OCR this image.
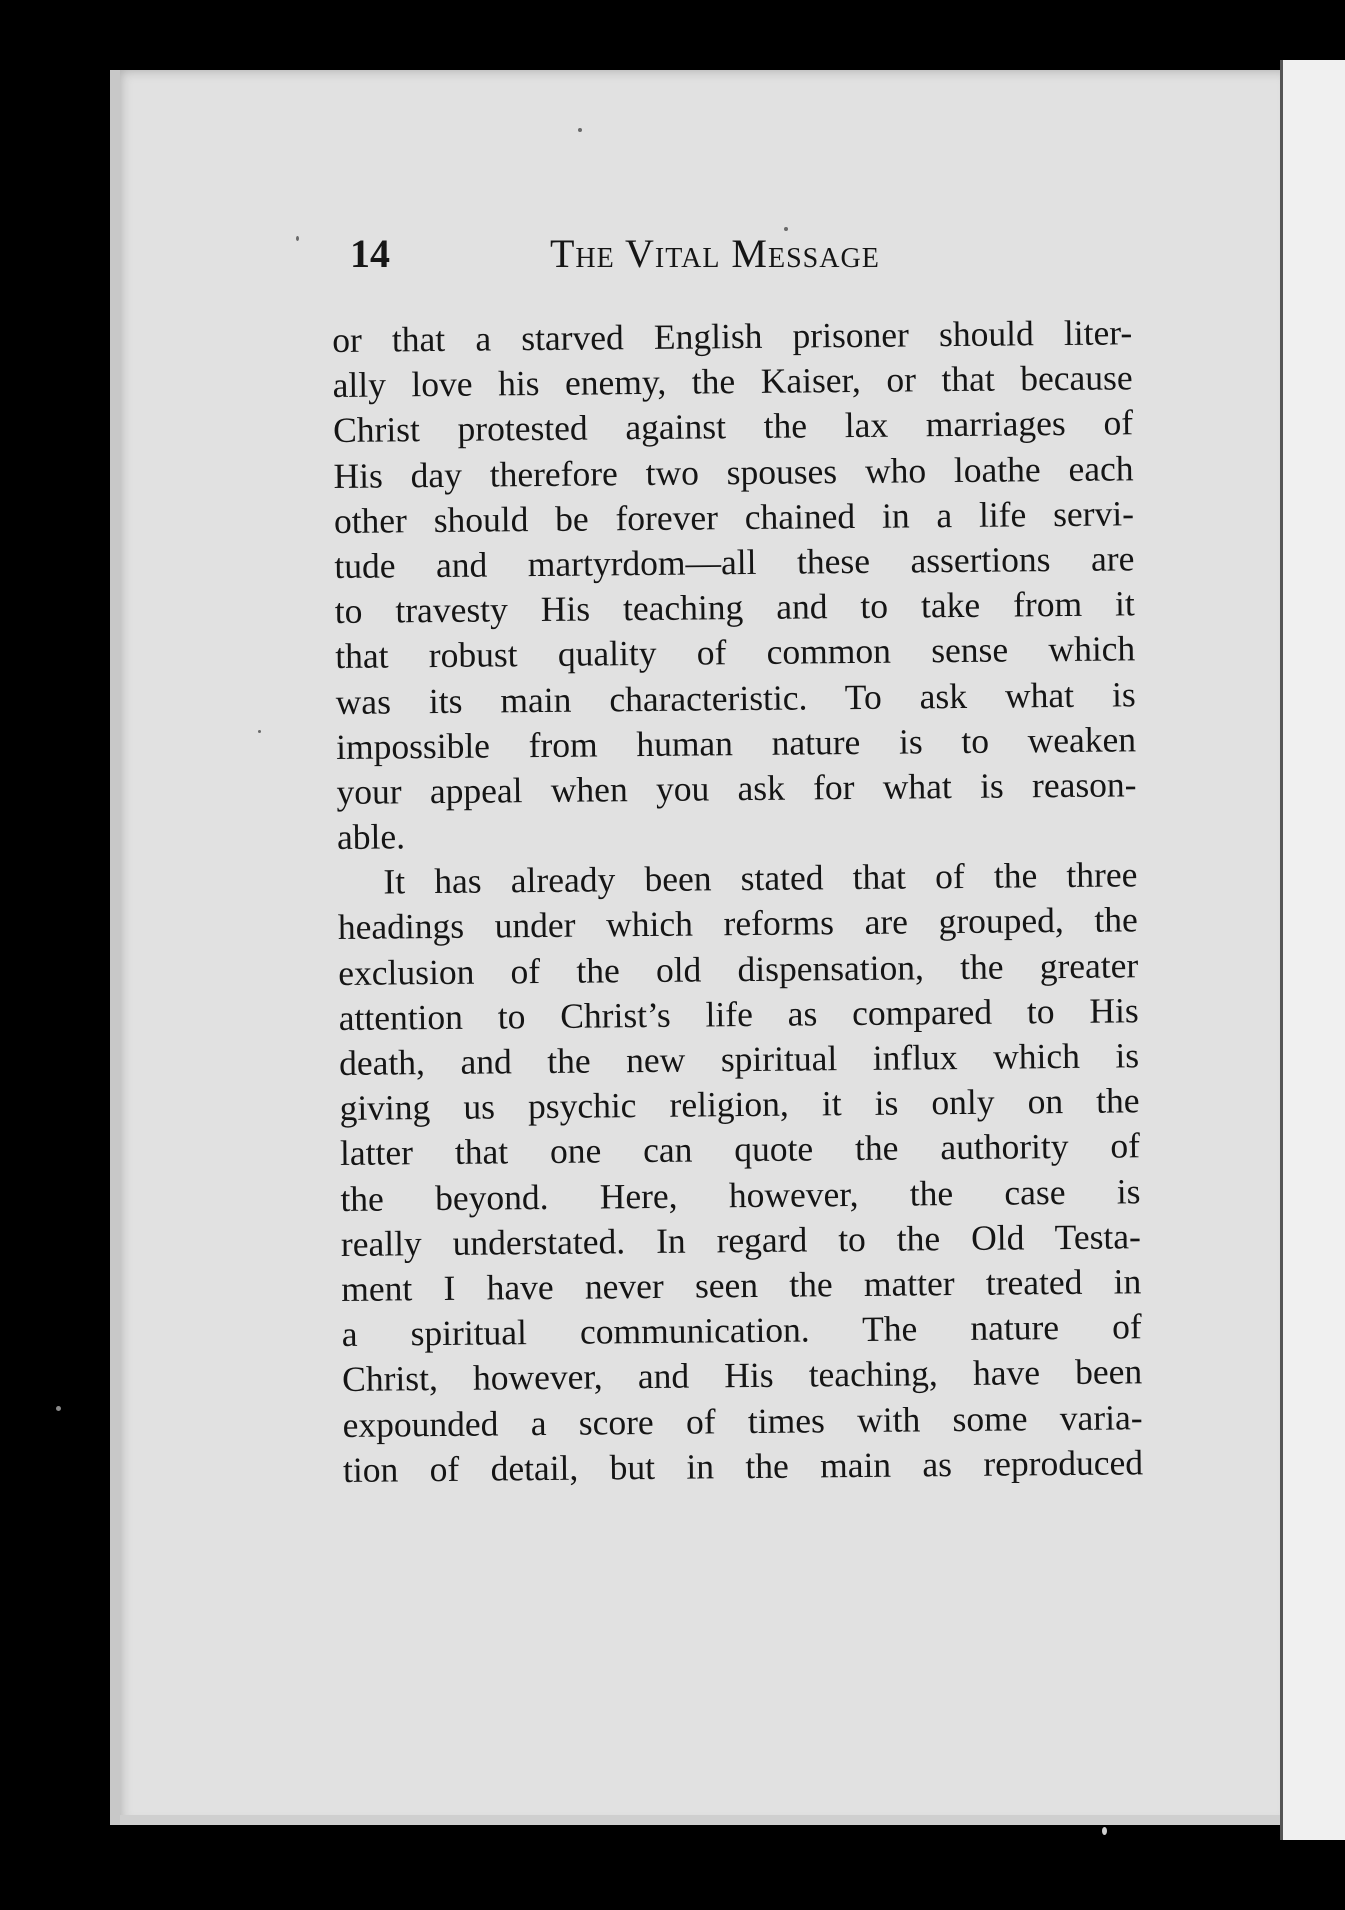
14	The Vital Message
or that a starved English prisoner should liter-
ally love his enemy, the Kaiser, or that because
Christ protested against the lax marriages of
His day therefore two spouses who loathe each
other should be forever chained in a life servi-
tude and martyrdom—all these assertions are
to travesty His teaching and to take from it
that robust quality of common sense which
was its main characteristic. To ask what is
impossible from human nature is to weaken
your appeal when you ask for what is reason-
able.
It has already been stated that of the three
headings under which reforms are grouped, the
exclusion of the old dispensation, the greater
attention to Christ’s life as compared to His
death, and the new spiritual influx which is
giving us psychic religion, it is only on the
latter that one can quote the authority of
the beyond. Here, however, the case is
really understated. In regard to the Old Testa-
ment I have never seen the matter treated in
a spiritual communication. The nature of
Christ, however, and His teaching, have been
expounded a score of times with some varia-
tion of detail, but in the main as reproduced
